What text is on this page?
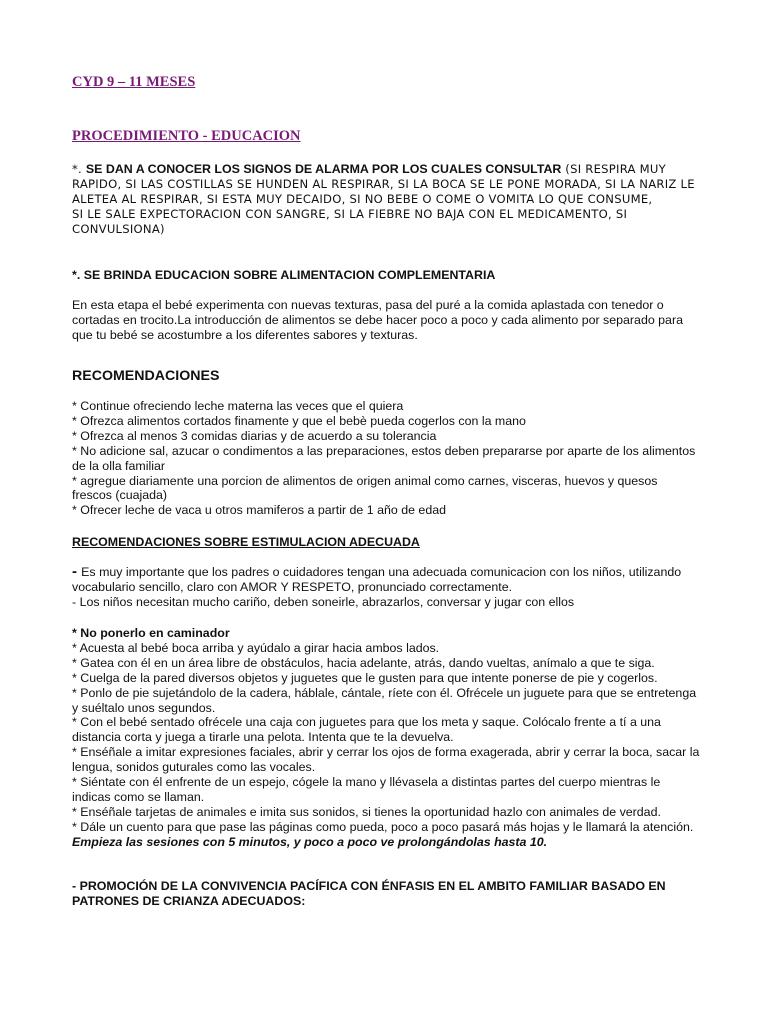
CYD 9 – 11 MESES
PROCEDIMIENTO - EDUCACION
*. SE DAN A CONOCER LOS SIGNOS DE ALARMA POR LOS CUALES CONSULTAR (SI RESPIRA MUY RAPIDO, SI LAS COSTILLAS SE HUNDEN AL RESPIRAR, SI LA BOCA SE LE PONE MORADA, SI LA NARIZ LE ALETEA AL RESPIRAR, SI ESTA MUY DECAIDO, SI NO BEBE O COME O VOMITA LO QUE CONSUME,
SI LE SALE EXPECTORACION CON SANGRE, SI LA FIEBRE NO BAJA CON EL MEDICAMENTO, SI CONVULSIONA)
*. SE BRINDA EDUCACION SOBRE ALIMENTACION COMPLEMENTARIA
En esta etapa el bebé experimenta con nuevas texturas, pasa del puré a la comida aplastada con tenedor o cortadas en trocito.La introducción de alimentos se debe hacer poco a poco y cada alimento por separado para que tu bebé se acostumbre a los diferentes sabores y texturas.
RECOMENDACIONES

* Continue ofreciendo leche materna las veces que el quiera

* Ofrezca alimentos cortados finamente y que el bebè pueda cogerlos con la mano

* Ofrezca al menos 3 comidas diarias y de acuerdo a su tolerancia

* No adicione sal, azucar o condimentos a las preparaciones, estos deben prepararse por aparte de los alimentos de la olla familiar

* agregue diariamente una porcion de alimentos de origen animal como carnes, visceras, huevos y quesos frescos (cuajada)

* Ofrecer leche de vaca u otros mamiferos a partir de 1 año de edad

RECOMENDACIONES SOBRE ESTIMULACION ADECUADA

- Es muy importante que los padres o cuidadores tengan una adecuada comunicacion con los niños, utilizando vocabulario sencillo, claro con AMOR Y RESPETO, pronunciado correctamente.

- Los niños necesitan mucho cariño, deben soneirle, abrazarlos, conversar y jugar con ellos

* No ponerlo en caminador

* Acuesta al bebé boca arriba y ayúdalo a girar hacia ambos lados.

* Gatea con él en un área libre de obstáculos, hacia adelante, atrás, dando vueltas, anímalo a que te siga.

* Cuelga de la pared diversos objetos y juguetes que le gusten para que intente ponerse de pie y cogerlos.

* Ponlo de pie sujetándolo de la cadera, háblale, cántale, ríete con él. Ofrécele un juguete para que se entretenga y suéltalo unos segundos.

* Con el bebé sentado ofrécele una caja con juguetes para que los meta y saque. Colócalo frente a tí a una distancia corta y juega a tirarle una pelota. Intenta que te la devuelva.

* Enséñale a imitar expresiones faciales, abrir y cerrar los ojos de forma exagerada, abrir y cerrar la boca, sacar la lengua, sonidos guturales como las vocales.

* Siéntate con él enfrente de un espejo, cógele la mano y llévasela a distintas partes del cuerpo mientras le indicas como se llaman.

* Enséñale tarjetas de animales e imita sus sonidos, si tienes la oportunidad hazlo con animales de verdad.

* Dále un cuento para que pase las páginas como pueda, poco a poco pasará más hojas y le llamará la atención.

Empieza las sesiones con 5 minutos, y poco a poco ve prolongándolas hasta 10.

- PROMOCIÓN DE LA CONVIVENCIA PACÍFICA CON ÉNFASIS EN EL AMBITO FAMILIAR BASADO EN PATRONES DE CRIANZA ADECUADOS:
